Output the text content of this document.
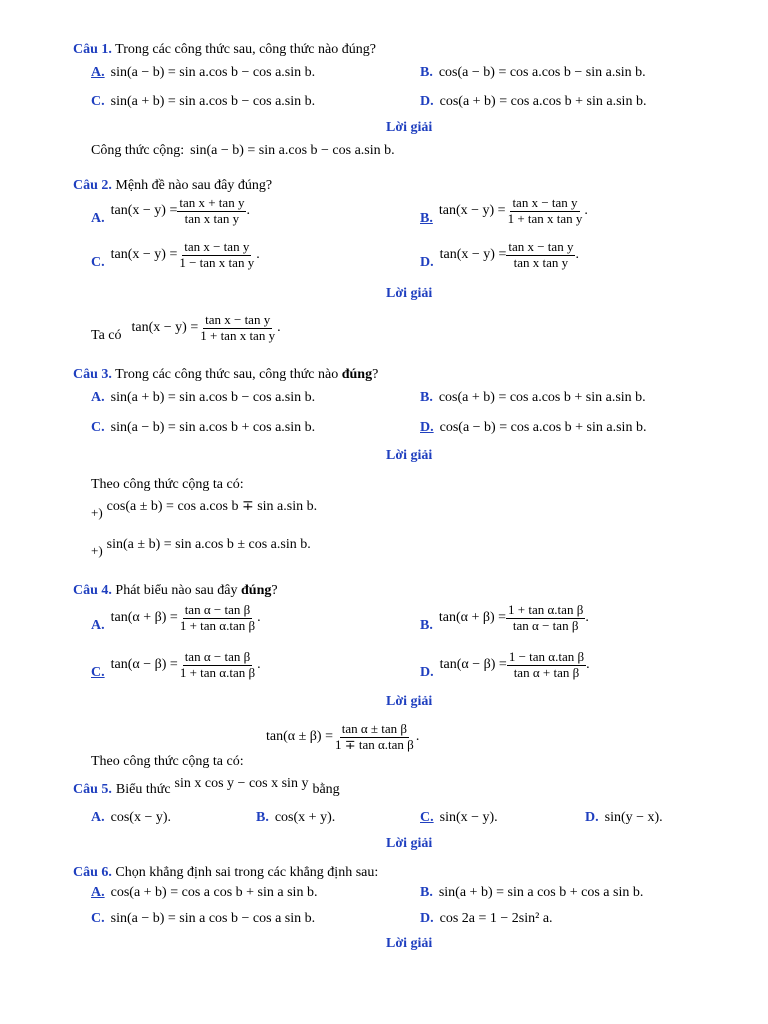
Câu 1. Trong các công thức sau, công thức nào đúng?
A. sin(a − b) = sin a.cos b − cos a.sin b.	B. cos(a − b) = cos a.cos b − sin a.sin b.
C. sin(a + b) = sin a.cos b − cos a.sin b.	D. cos(a + b) = cos a.cos b + sin a.sin b.
Lời giải
Công thức cộng: sin(a − b) = sin a.cos b − cos a.sin b.
Câu 2. Mệnh đề nào sau đây đúng?
A. $\tan(x - y) = \frac{\text{tan x + tan y}}{\text{tan x tan y}}$ .	B. $\tan(x - y) = \frac{\text{tan x − tan y}}{\text{1 + tan x tan y}}$ .
C. $\tan(x - y) = \frac{\text{tan x − tan y}}{\text{1 − tan x tan y}}$ .	D. $\tan(x - y) = \frac{\text{tan x − tan y}}{\text{tan x tan y}}$ .
Lời giải
Ta có $\tan(x - y) = \frac{\text{tan x − tan y}}{\text{1 + tan x tan y}}$ .
Câu 3. Trong các công thức sau, công thức nào đúng?
A. sin(a + b) = sin a.cos b − cos a.sin b.	B. cos(a + b) = cos a.cos b + sin a.sin b.
C. sin(a − b) = sin a.cos b + cos a.sin b.	D. cos(a − b) = cos a.cos b + sin a.sin b.
Lời giải
Theo công thức cộng ta có:
+) cos(a ± b) = cos a.cos b ∓ sin a.sin b.
+) sin(a ± b) = sin a.cos b ± cos a.sin b.
Câu 4. Phát biểu nào sau đây đúng?
A. $\tan(\alpha + \beta) = \frac{\text{tan α − tan β}}{\text{1 + tan α.tan β}}$ .	B. $\tan(\alpha + \beta) = \frac{\text{1 + tan α.tan β}}{\text{tan α − tan β}}$ .
C. $\tan(\alpha - \beta) = \frac{\text{tan α − tan β}}{\text{1 + tan α.tan β}}$ .	D. $\tan(\alpha - \beta) = \frac{\text{1 − tan α.tan β}}{\text{tan α + tan β}}$ .
Lời giải
$\tan(\alpha \pm \beta) = \frac{\text{tan α ± tan β}}{\text{1 ∓ tan α.tan β}}$ .
Theo công thức cộng ta có:
Câu 5. Biểu thức sin x cos y − cos x sin y bằng
A. cos(x − y).	B. cos(x + y).	C. sin(x − y).	D. sin(y − x).
Lời giải
Câu 6. Chọn khẳng định sai trong các khẳng định sau:
A. cos(a + b) = cos a cos b + sin a sin b.	B. sin(a + b) = sin a cos b + cos a sin b.
C. sin(a − b) = sin a cos b − cos a sin b.	D. cos 2a = 1 − 2sin² a.
Lời giải
